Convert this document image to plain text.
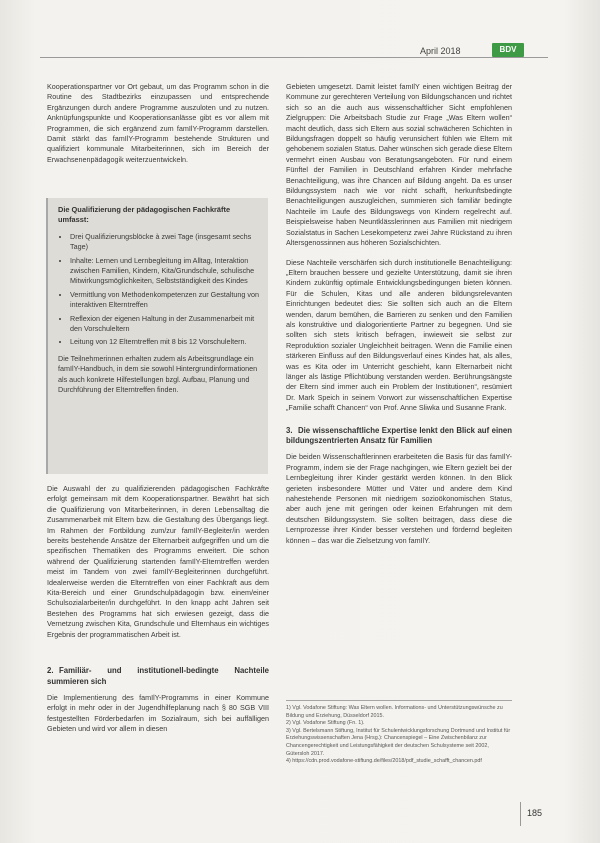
April 2018	BDV

Kooperationspartner vor Ort gebaut, um das Programm schon in die Routine des Stadtbezirks einzupassen und entsprechende Ergänzungen durch andere Programme auszuloten und zu nutzen. Anknüpfungspunkte und Kooperationsanlässe gibt es vor allem mit Programmen, die sich ergänzend zum famIlY-Programm darstellen. Damit stärkt das famIlY-Programm bestehende Strukturen und qualifiziert kommunale Mitarbeiterinnen, sich im Bereich der Erwachsenenpädagogik weiterzuentwickeln.

Die Qualifizierung der pädagogischen Fachkräfte umfasst:
• Drei Qualifizierungsblöcke à zwei Tage (insgesamt sechs Tage)
• Inhalte: Lernen und Lernbegleitung im Alltag, Interaktion zwischen Familien, Kindern, Kita/Grundschule, schulische Mitwirkungsmöglichkeiten, Selbstständigkeit des Kindes
• Vermittlung von Methodenkompetenzen zur Gestaltung von interaktiven Elterntreffen
• Reflexion der eigenen Haltung in der Zusammenarbeit mit den Vorschuleltern
• Leitung von 12 Elterntreffen mit 8 bis 12 Vorschuleltern.

Die Teilnehmerinnen erhalten zudem als Arbeitsgrundlage ein famIlY-Handbuch, in dem sie sowohl Hintergrundinformationen als auch konkrete Hilfestellungen bzgl. Aufbau, Planung und Durchführung der Elterntreffen finden.

Die Auswahl der zu qualifizierenden pädagogischen Fachkräfte erfolgt gemeinsam mit dem Kooperationspartner. Bewährt hat sich die Qualifizierung von Mitarbeiterinnen, in deren Lebensalltag die Zusammenarbeit mit Eltern bzw. die Gestaltung des Übergangs liegt. Im Rahmen der Fortbildung zum/zur famIlY-Begleiter/in werden bereits bestehende Ansätze der Elternarbeit aufgegriffen und um die spezifischen Thematiken des Programms erweitert. Die schon während der Qualifizierung startenden famIlY-Elterntreffen werden meist im Tandem von zwei famIlY-Begleiterinnen durchgeführt. Idealerweise werden die Elterntreffen von einer Fachkraft aus dem Kita-Bereich und einer Grundschulpädagogin bzw. einem/einer Schulsozialarbeiter/in durchgeführt. In den knapp acht Jahren seit Bestehen des Programms hat sich erwiesen gezeigt, dass die Vernetzung zwischen Kita, Grundschule und Elternhaus ein wichtiges Ergebnis der programmatischen Arbeit ist.

2. Familiär- und institutionell-bedingte Nachteile summieren sich

Die Implementierung des famIlY-Programms in einer Kommune erfolgt in mehr oder in der Jugendhilfeplanung nach § 80 SGB VIII festgestellten Förderbedarfen im Sozialraum, sich bei auffälligen Gebieten und wird vor allem in diesen

Gebieten umgesetzt. Damit leistet famIlY einen wichtigen Beitrag der Kommune zur gerechteren Verteilung von Bildungschancen und richtet sich so an die auch aus wissenschaftlicher Sicht empfohlenen Zielgruppen: Die Arbeitsbach Studie zur Frage „Was Eltern wollen“ macht deutlich, dass sich Eltern aus sozial schwächeren Schichten in Bildungsfragen doppelt so häufig verunsichert fühlen wie Eltern mit gehobenem sozialen Status. Daher wünschen sich gerade diese Eltern vermehrt einen Ausbau von Beratungsangeboten. Für rund einem Fünftel der Familien in Deutschland erfahren Kinder mehrfache Benachteiligung, was ihre Chancen auf Bildung angeht. Da es unser Bildungssystem nach wie vor nicht schafft, herkunftsbedingte Benachteiligungen auszugleichen, summieren sich familiär bedingte Nachteile im Laufe des Bildungswegs von Kindern regelrecht auf. Beispielsweise haben Neuntklässlerinnen aus Familien mit niedrigem Sozialstatus in Sachen Lesekompetenz zwei Jahre Rückstand zu ihren Altersgenossinnen aus höheren Sozialschichten.

Diese Nachteile verschärfen sich durch institutionelle Benachteiligung: „Eltern brauchen bessere und gezielte Unterstützung, damit sie ihren Kindern zukünftig optimale Entwicklungsbedingungen bieten können. Für die Schulen, Kitas und alle anderen bildungsrelevanten Einrichtungen bedeutet dies: Sie sollten sich auch an die Eltern wenden, darum bemühen, die Barrieren zu senken und den Familien als konstruktive und dialogorientierte Partner zu begegnen. Und sie sollten sich stets kritisch befragen, inwieweit sie selbst zur Reproduktion sozialer Ungleichheit beitragen. Wenn die Familie einen stärkeren Einfluss auf den Bildungsverlauf eines Kindes hat, als alles, was es Kita oder im Unterricht geschieht, kann Elternarbeit nicht länger als lästige Pflichtübung verstanden werden. Berührungsängste der Eltern sind immer auch ein Problem der Institutionen“, resümiert Dr. Mark Speich in seinem Vorwort zur wissenschaftlichen Expertise „Familie schafft Chancen“ von Prof. Anne Sliwka und Susanne Frank.

3. Die wissenschaftliche Expertise lenkt den Blick auf einen bildungszentrierten Ansatz für Familien

Die beiden Wissenschaftlerinnen erarbeiteten die Basis für das famIlY-Programm, indem sie der Frage nachgingen, wie Eltern gezielt bei der Lernbegleitung ihrer Kinder gestärkt werden können. In den Blick gerieten insbesondere Mütter und Väter und andere dem Kind nahestehende Personen mit niedrigem sozioökonomischen Status, aber auch jene mit geringen oder keinen Erfahrungen mit dem deutschen Bildungssystem. Sie sollten beitragen, dass diese die Lernprozesse ihrer Kinder besser verstehen und fördernd begleiten können – das war die Zielsetzung von famIlY.

1) Vgl. Vodafone Stiftung: Was Eltern wollen. Informations- und Unterstützungswünsche zu Bildung und Erziehung, Düsseldorf 2015.
2) Vgl. Vodafone Stiftung (Fn. 1).
3) Vgl. Bertelsmann Stiftung, Institut für Schulentwicklungsforschung Dortmund und Institut für Erziehungswissenschaften Jena (Hrsg.): Chancenspiegel – Eine Zwischenbilanz zur Chancengerechtigkeit und Leistungsfähigkeit der deutschen Schulsysteme seit 2002, Gütersloh 2017.
4) https://cdn.prod.vodafone-stiftung.de/files/2018/pdf_studie_schafft_chancen.pdf
185
